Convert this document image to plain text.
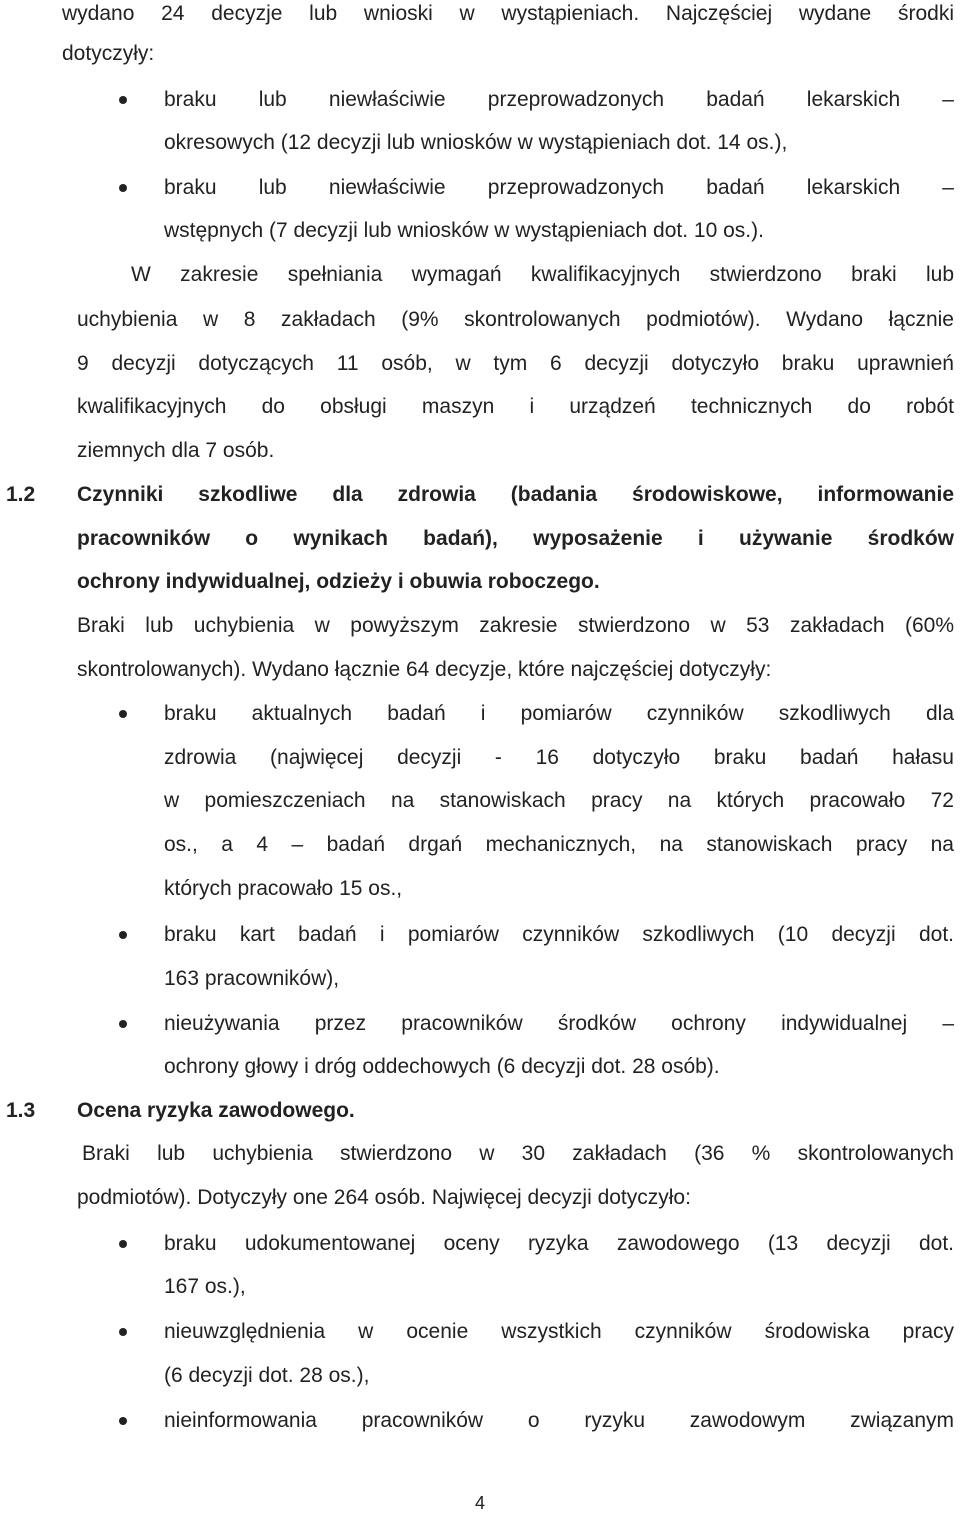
wydano 24 decyzje lub wnioski w wystąpieniach. Najczęściej wydane środki
dotyczyły:
braku lub niewłaściwie przeprowadzonych badań lekarskich –
okresowych (12 decyzji lub wniosków w wystąpieniach dot. 14 os.),
braku lub niewłaściwie przeprowadzonych badań lekarskich –
wstępnych (7 decyzji lub wniosków w wystąpieniach dot. 10 os.).
W zakresie spełniania wymagań kwalifikacyjnych stwierdzono braki lub
uchybienia w 8 zakładach (9% skontrolowanych podmiotów). Wydano łącznie
9 decyzji dotyczących 11 osób, w tym 6 decyzji dotyczyło braku uprawnień
kwalifikacyjnych do obsługi maszyn i urządzeń technicznych do robót
ziemnych dla 7 osób.
1.2 Czynniki szkodliwe dla zdrowia (badania środowiskowe, informowanie
pracowników o wynikach badań), wyposażenie i używanie środków
ochrony indywidualnej, odzieży i obuwia roboczego.
Braki lub uchybienia w powyższym zakresie stwierdzono w 53 zakładach (60%
skontrolowanych). Wydano łącznie 64 decyzje, które najczęściej dotyczyły:
braku aktualnych badań i pomiarów czynników szkodliwych dla
zdrowia (najwięcej decyzji - 16 dotyczyło braku badań hałasu
w pomieszczeniach na stanowiskach pracy na których pracowało 72
os., a 4 – badań drgań mechanicznych, na stanowiskach pracy na
których pracowało 15 os.,
braku kart badań i pomiarów czynników szkodliwych (10 decyzji dot.
163 pracowników),
nieużywania przez pracowników środków ochrony indywidualnej –
ochrony głowy i dróg oddechowych (6 decyzji dot. 28 osób).
1.3 Ocena ryzyka zawodowego.
Braki lub uchybienia stwierdzono w 30 zakładach (36 % skontrolowanych
podmiotów). Dotyczyły one 264 osób. Najwięcej decyzji dotyczyło:
braku udokumentowanej oceny ryzyka zawodowego (13 decyzji dot.
167 os.),
nieuwzględnienia w ocenie wszystkich czynników środowiska pracy
(6 decyzji dot. 28 os.),
nieinformowania pracowników o ryzyku zawodowym związanym
4
